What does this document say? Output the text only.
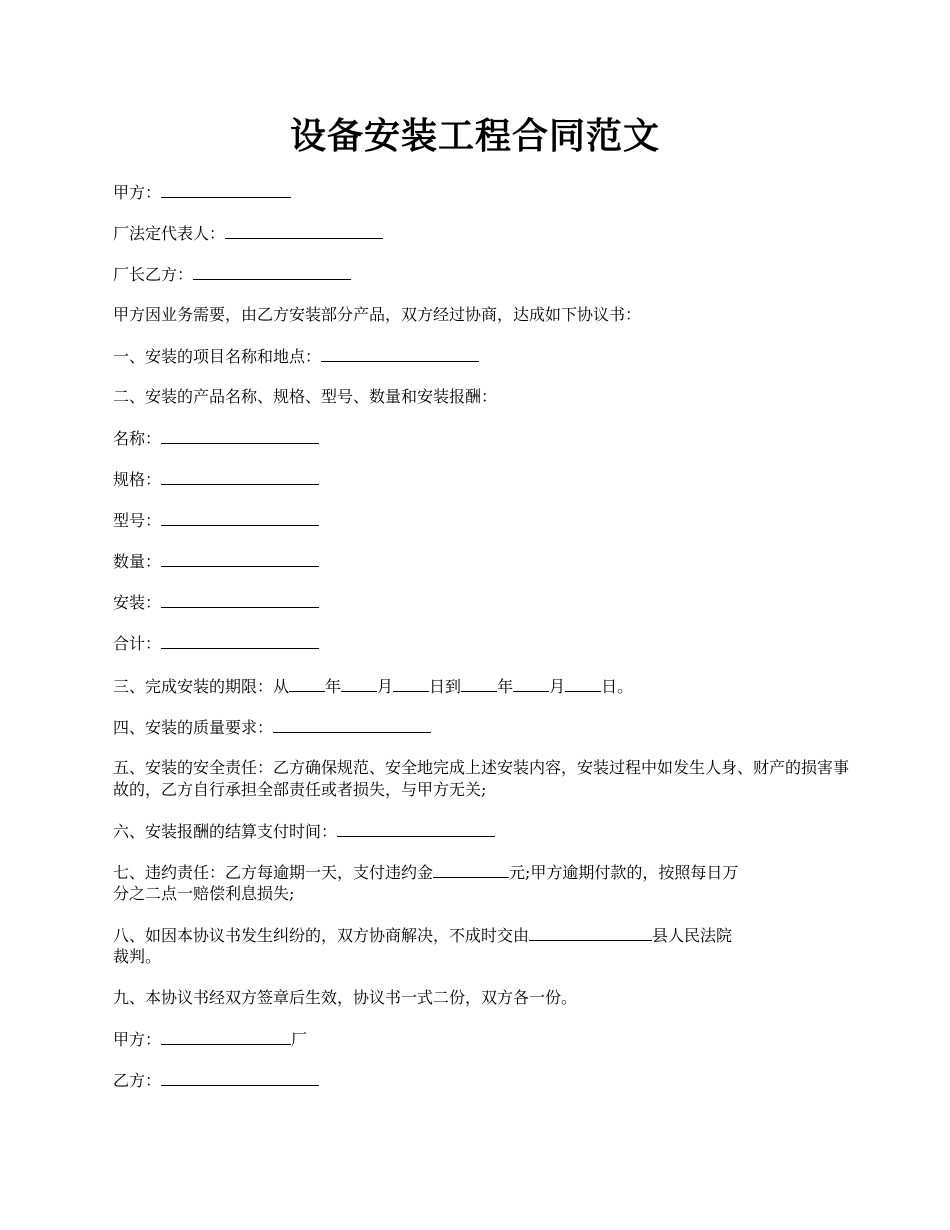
设备安装工程合同范文
甲方：
厂法定代表人：
厂长乙方：
甲方因业务需要，由乙方安装部分产品，双方经过协商，达成如下协议书：
一、安装的项目名称和地点：
二、安装的产品名称、规格、型号、数量和安装报酬：
名称：
规格：
型号：
数量：
安装：
合计：
三、完成安装的期限：从 年 月 日到 年 月 日。
四、安装的质量要求：
五、安装的安全责任：乙方确保规范、安全地完成上述安装内容，安装过程中如发生人身、财产的损害事故的，乙方自行承担全部责任或者损失，与甲方无关;
六、安装报酬的结算支付时间：
七、违约责任：乙方每逾期一天，支付违约金	元;甲方逾期付款的，按照每日万
分之二点一赔偿利息损失;
八、如因本协议书发生纠纷的，双方协商解决，不成时交由	县人民法院
裁判。
九、本协议书经双方签章后生效，协议书一式二份，双方各一份。
甲方：	厂
乙方：
